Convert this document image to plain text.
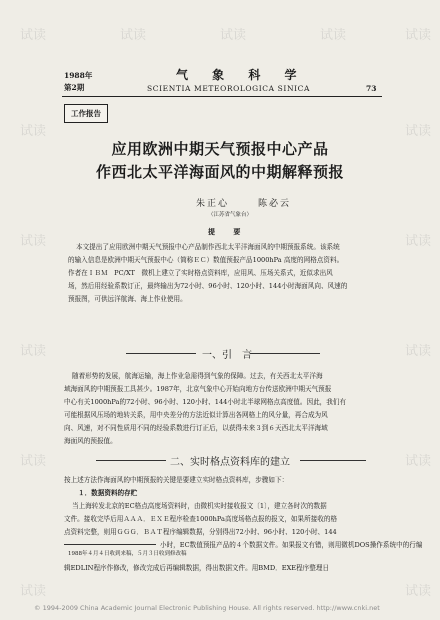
1988年
第2期
气 象 科 学
SCIENTIA METEOROLOGICA SINICA	73
工作报告
应用欧洲中期天气预报中心产品
作西北太平洋海面风的中期解释预报
朱正心	陈必云
（江苏省气象台）
提 要
本文提出了应用欧洲中期天气预报中心产品制作西北太平洋海面风的中期预报系统。该系统
的输入信息是欧洲中期天气预报中心（简称ＥＣ）数值预报产品1000hPa 高度的网格点资料。
作者在ＩＢＭ　PC/XT　微机上建立了实时格点资料库，应用风、压场关系式，近似求出风
场，然后用经验系数订正，最终输出为72小时、96小时、120小时、144小时海面风向、风速的
预报图，可供远洋航海、海上作业使用。
一、引　言
随着形势的发展，航海运输，海上作业急需得到气象的保障。过去，有关西北太平洋海
域海面风的中期预报工具甚少。1987年，北京气象中心开始向地方台传送欧洲中期天气预报
中心有关1000hPa的72小时、96小时、120小时、144小时北半球网格点高度值。因此，我们有
可能根据风压场的地转关系，用中央差分的方法近似计算出各网格上的风分量，再合成为风
向、风速，对不同性质用不同的经验系数进行订正后，以获得未来３到６天西北太平洋海域
海面风的预报值。
二、实时格点资料库的建立
按上述方法作海面风的中期预报的关键是要建立实时格点资料库，步骤如下：
１．数据资料的存贮
当上海转发北京的EC格点高度场资料时，由微机实时接收报文〔1〕，建立各时次的数据
文件。接收完毕后用ＡＡＡ．ＥＸＥ程序检查1000hPa高度场格点报的报文，如果所接收的格
点资料完整，则用ＧＧＧ．ＢＡＴ程序编辑数据，分别得出72小时、96小时、120小时、144
小时，EC数值预报产品的４个数据文件。如果报文有错，则用微机DOS操作系统中的行编
辑EDLIN程序作修改，修改完成后再编辑数据，得出数据文件。用BMD．EXE程序整理日
1988年４月４日收到来稿，５月３日收到修改稿
© 1994-2009 China Academic Journal Electronic Publishing House. All rights reserved. http://www.cnki.net
试读	试读	试读	试读	试读
试读	试读
试读	试读
试读	试读
试读	试读
试读	试读
